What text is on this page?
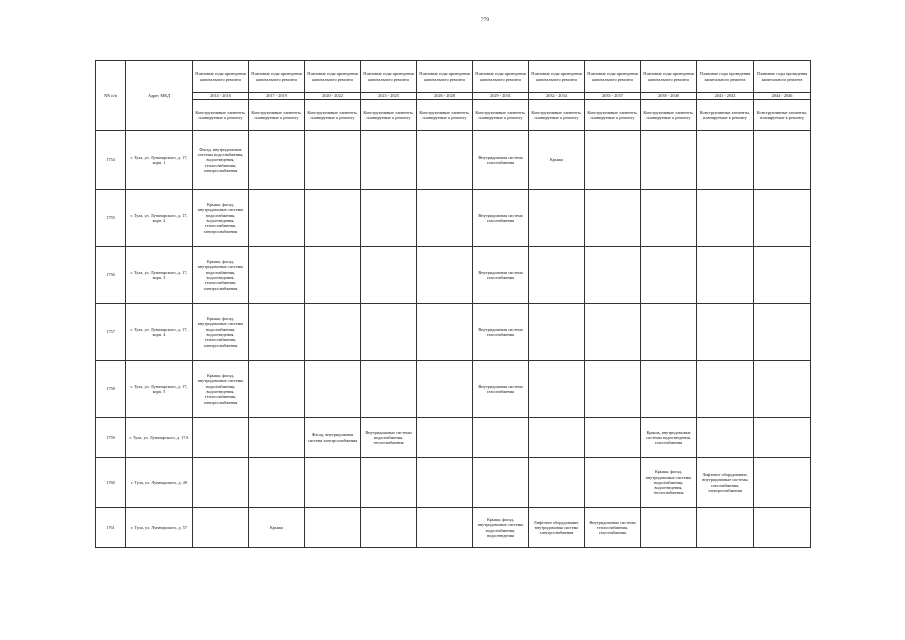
779
NN п/п	Адрес МКД	Плановые годы проведения капитального ремонта	Плановые годы проведения капитального ремонта	Плановые годы проведения капитального ремонта	Плановые годы проведения капитального ремонта	Плановые годы проведения капитального ремонта	Плановые годы проведения капитального ремонта	Плановые годы проведения капитального ремонта	Плановые годы проведения капитального ремонта	Плановые годы проведения капитального ремонта	Плановые годы проведения капитального ремонта	Плановые годы проведения капитального ремонта
		2014 - 2016	2017 - 2019	2020 - 2022	2023 - 2025	2026 - 2028	2029 - 2031	2032 - 2034	2035 - 2037	2038 - 2040	2041 - 2043	2044 - 2046
		Конструктивные элементы, планируемые к ремонту	Конструктивные элементы, планируемые к ремонту	Конструктивные элементы, планируемые к ремонту	Конструктивные элементы, планируемые к ремонту	Конструктивные элементы, планируемые к ремонту	Конструктивные элементы, планируемые к ремонту	Конструктивные элементы, планируемые к ремонту	Конструктивные элементы, планируемые к ремонту	Конструктивные элементы, планируемые к ремонту	Конструктивные элементы, планируемые к ремонту	Конструктивные элементы, планируемые к ремонту
1754	г. Тула, ул. Луначарского, д. 17, корп. 1	Фасад, внутридомовые системы водоснабжения, водоотведения, теплоснабжения, электроснабжения					Внутридомовая система газоснабжения	Крыша				
1755	г. Тула, ул. Луначарского, д. 17, корп. 2	Крыша, фасад, внутридомовые системы водоснабжения, водоотведения, теплоснабжения, электроснабжения					Внутридомовая система газоснабжения					
1756	г. Тула, ул. Луначарского, д. 17, корп. 3	Крыша, фасад, внутридомовые системы водоснабжения, водоотведения, теплоснабжения, электроснабжения					Внутридомовая система газоснабжения					
1757	г. Тула, ул. Луначарского, д. 17, корп. 4	Крыша, фасад, внутридомовые системы водоснабжения, водоотведения, теплоснабжения, электроснабжения					Внутридомовая система газоснабжения					
1758	г. Тула, ул. Луначарского, д. 17, корп. 5	Крыша, фасад, внутридомовые системы водоснабжения, водоотведения, теплоснабжения, электроснабжения					Внутридомовая система газоснабжения					
1759	г. Тула, ул. Луначарского, д. 17А			Фасад, внутридомовая система электроснабжения	Внутридомовые системы водоснабжения, теплоснабжения					Крыша, внутридомовые системы водоотведения, газоснабжения		
1760	г. Тула, ул. Луначарского, д. 49									Крыша, фасад, внутридомовые системы водоснабжения, водоотведения, теплоснабжения	Лифтовое оборудование, внутридомовые системы газоснабжения, электроснабжения	
1761	г. Тула, ул. Луначарского, д. 57		Крыша				Крыша, фасад, внутридомовые системы водоснабжения, водоотведения	Лифтовое оборудование, внутридомовая система электроснабжения	Внутридомовые системы теплоснабжения, газоснабжения			
